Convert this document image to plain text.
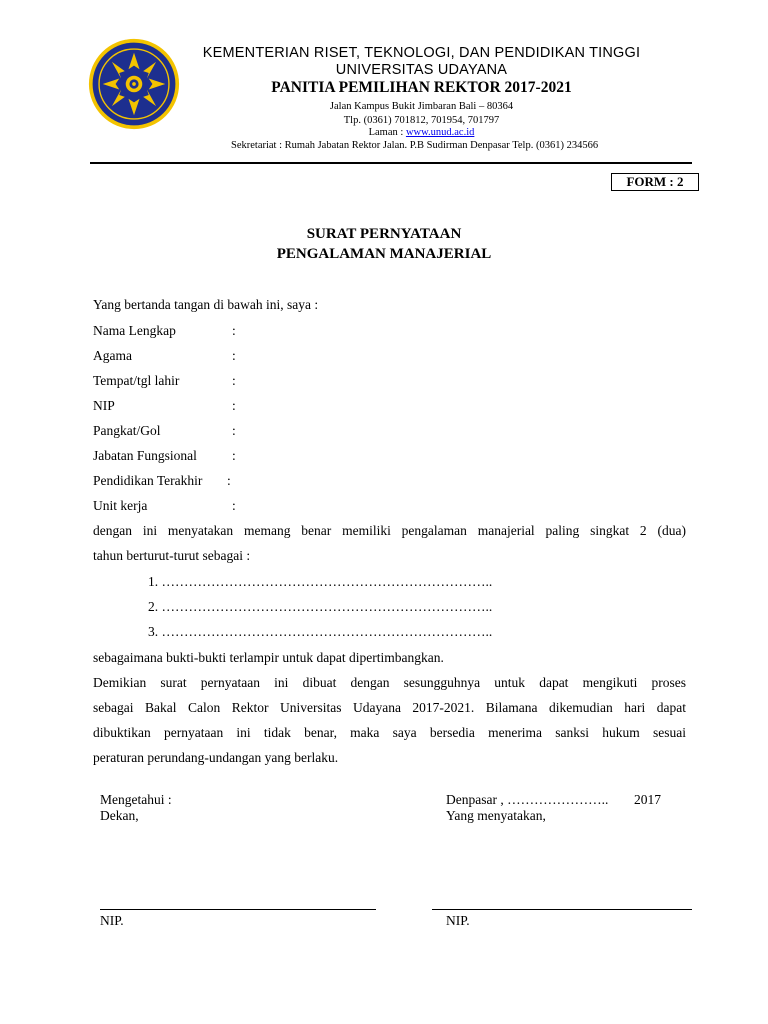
KEMENTERIAN RISET, TEKNOLOGI, DAN PENDIDIKAN TINGGI
UNIVERSITAS UDAYANA
PANITIA PEMILIHAN REKTOR 2017-2021
Jalan Kampus Bukit Jimbaran Bali – 80364
Tlp. (0361) 701812, 701954, 701797
Laman : www.unud.ac.id
Sekretariat : Rumah Jabatan Rektor Jalan. P.B Sudirman Denpasar Telp. (0361) 234566
FORM : 2
SURAT PERNYATAAN
PENGALAMAN MANAJERIAL
Yang bertanda tangan di bawah ini, saya :
Nama Lengkap	:
Agama	:
Tempat/tgl lahir	:
NIP	:
Pangkat/Gol	:
Jabatan Fungsional	:
Pendidikan Terakhir :
Unit kerja	:
dengan ini menyatakan memang benar memiliki pengalaman manajerial paling singkat 2 (dua)
tahun berturut-turut sebagai :
1. ………………………………………………………………..
2. ………………………………………………………………..
3. ………………………………………………………………..
sebagaimana bukti-bukti terlampir untuk dapat dipertimbangkan.
Demikian surat pernyataan ini dibuat dengan sesungguhnya untuk dapat mengikuti proses
sebagai Bakal Calon Rektor Universitas Udayana 2017-2021. Bilamana dikemudian hari dapat
dibuktikan pernyataan ini tidak benar, maka saya bersedia menerima sanksi hukum sesuai
peraturan perundang-undangan yang berlaku.
Mengetahui :
Dekan,
NIP.
Denpasar , ………………….. 2017
Yang menyatakan,
NIP.
